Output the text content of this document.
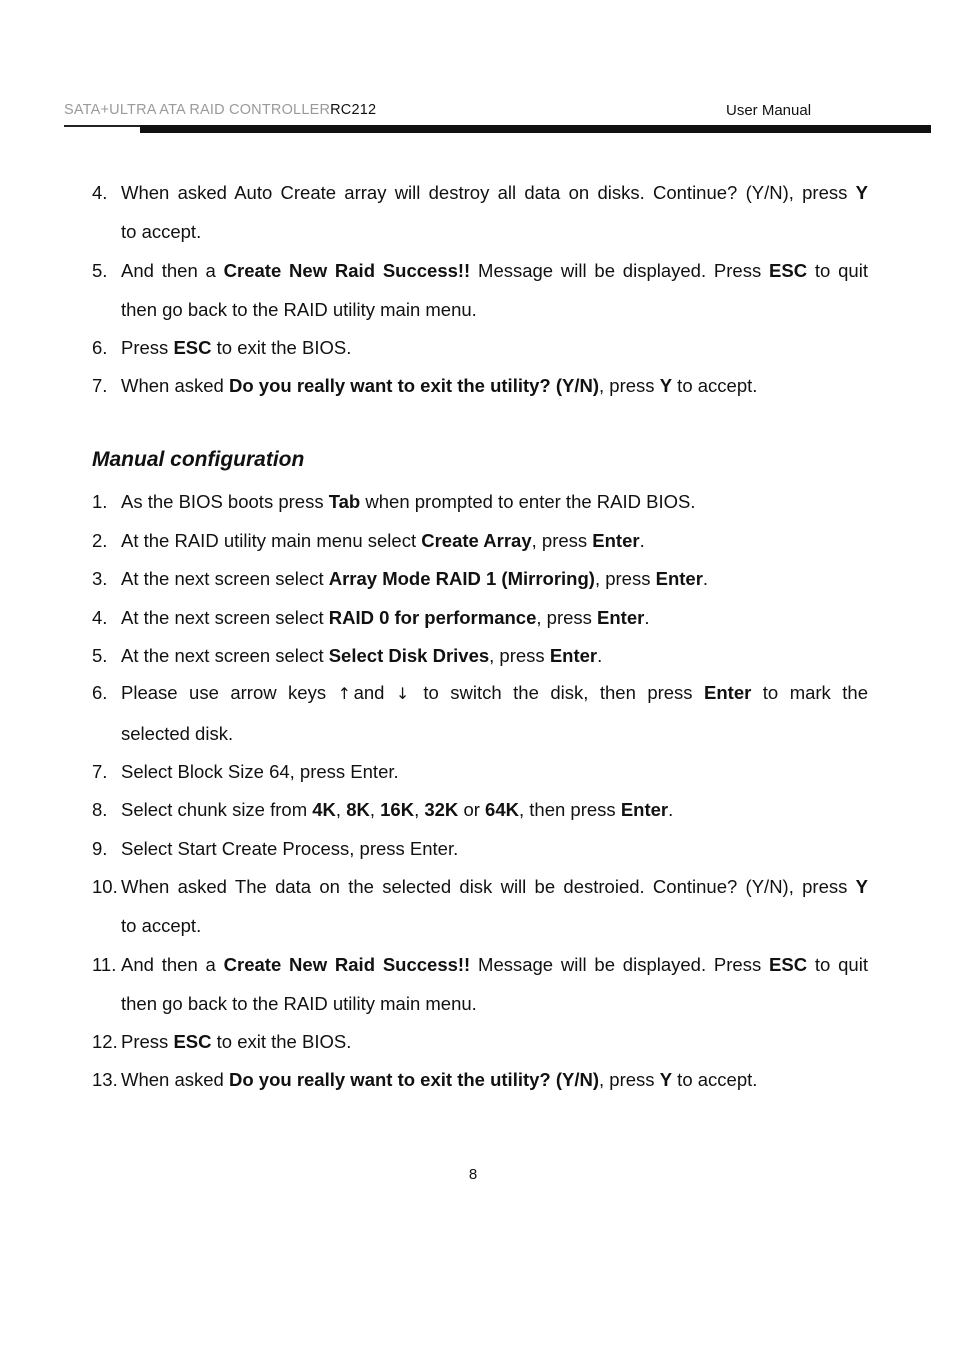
SATA+ULTRA ATA RAID CONTROLLERRC212	User Manual
4. When asked Auto Create array will destroy all data on disks. Continue? (Y/N), press Y
to accept.
5. And then a Create New Raid Success!! Message will be displayed. Press ESC to quit
then go back to the RAID utility main menu.
6. Press ESC to exit the BIOS.
7. When asked Do you really want to exit the utility? (Y/N), press Y to accept.
Manual configuration
1. As the BIOS boots press Tab when prompted to enter the RAID BIOS.
2. At the RAID utility main menu select Create Array, press Enter.
3. At the next screen select Array Mode RAID 1 (Mirroring), press Enter.
4. At the next screen select RAID 0 for performance, press Enter.
5. At the next screen select Select Disk Drives, press Enter.
6. Please use arrow keys ↑ and ↓ to switch the disk, then press Enter to mark the
selected disk.
7. Select Block Size 64, press Enter.
8. Select chunk size from 4K, 8K, 16K, 32K or 64K, then press Enter.
9. Select Start Create Process, press Enter.
10. When asked The data on the selected disk will be destroied. Continue? (Y/N), press Y
to accept.
11. And then a Create New Raid Success!! Message will be displayed. Press ESC to quit
then go back to the RAID utility main menu.
12. Press ESC to exit the BIOS.
13. When asked Do you really want to exit the utility? (Y/N), press Y to accept.
8
